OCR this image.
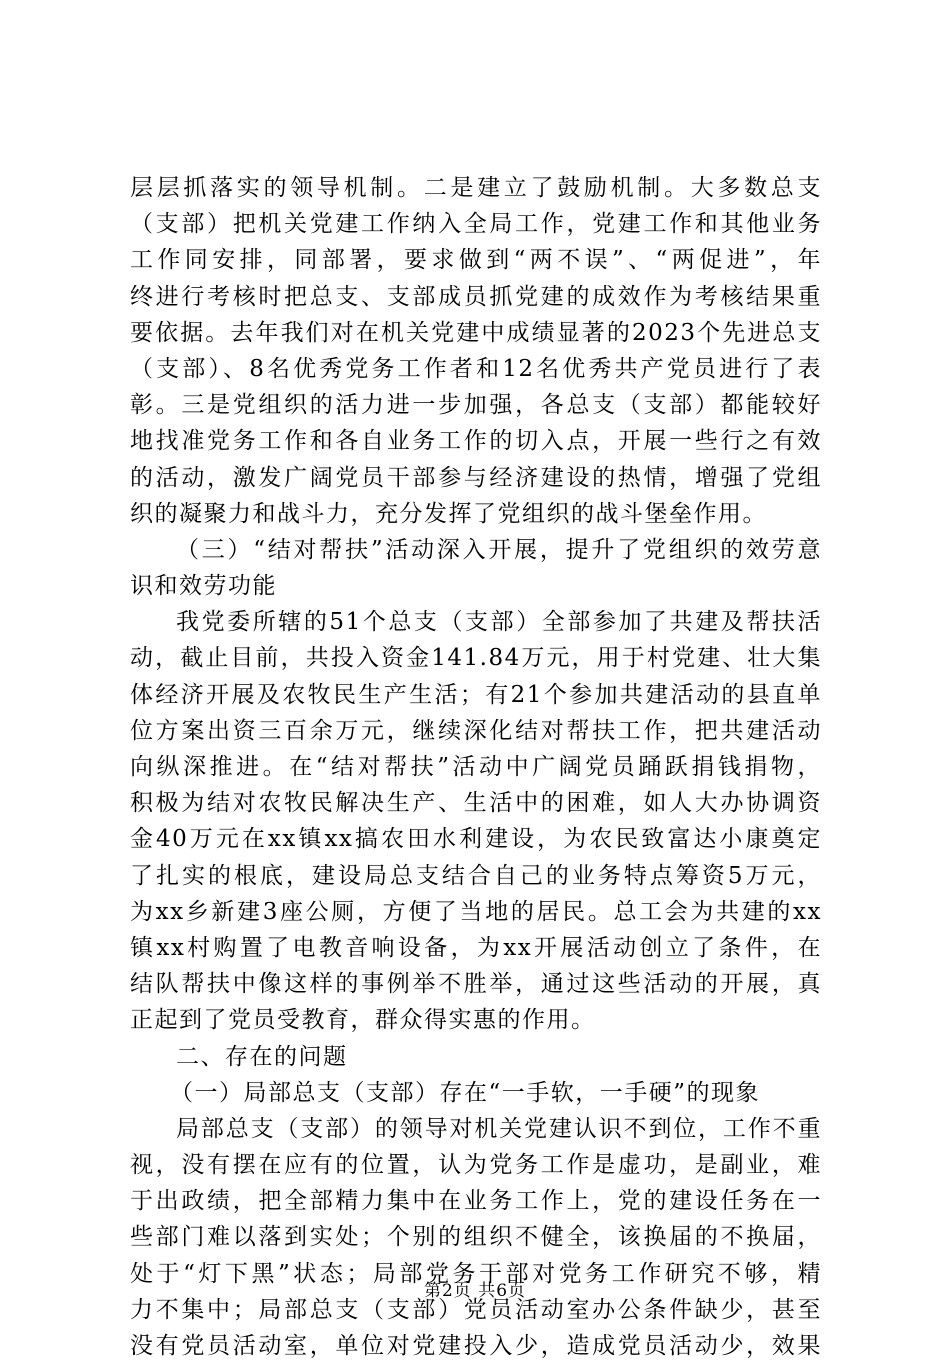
层层抓落实的领导机制。二是建立了鼓励机制。大多数总支
（支部）把机关党建工作纳入全局工作，党建工作和其他业务
工作同安排，同部署，要求做到“两不误”、“两促进”，年
终进行考核时把总支、支部成员抓党建的成效作为考核结果重
要依据。去年我们对在机关党建中成绩显著的2023个先进总支
（支部）、8名优秀党务工作者和12名优秀共产党员进行了表
彰。三是党组织的活力进一步加强，各总支（支部）都能较好
地找准党务工作和各自业务工作的切入点，开展一些行之有效
的活动，激发广阔党员干部参与经济建设的热情，增强了党组
织的凝聚力和战斗力，充分发挥了党组织的战斗堡垒作用。
（三）“结对帮扶”活动深入开展，提升了党组织的效劳意
识和效劳功能
我党委所辖的51个总支（支部）全部参加了共建及帮扶活
动，截止目前，共投入资金141.84万元，用于村党建、壮大集
体经济开展及农牧民生产生活；有21个参加共建活动的县直单
位方案出资三百余万元，继续深化结对帮扶工作，把共建活动
向纵深推进。在“结对帮扶”活动中广阔党员踊跃捐钱捐物，
积极为结对农牧民解决生产、生活中的困难，如人大办协调资
金40万元在xx镇xx搞农田水利建设，为农民致富达小康奠定
了扎实的根底，建设局总支结合自己的业务特点筹资5万元，
为xx乡新建3座公厕，方便了当地的居民。总工会为共建的xx
镇xx村购置了电教音响设备，为xx开展活动创立了条件，在
结队帮扶中像这样的事例举不胜举，通过这些活动的开展，真
正起到了党员受教育，群众得实惠的作用。
二、存在的问题
（一）局部总支（支部）存在“一手软，一手硬”的现象
局部总支（支部）的领导对机关党建认识不到位，工作不重
视，没有摆在应有的位置，认为党务工作是虚功，是副业，难
于出政绩，把全部精力集中在业务工作上，党的建设任务在一
些部门难以落到实处；个别的组织不健全，该换届的不换届，
处于“灯下黑”状态；局部党务干部对党务工作研究不够，精
力不集中；局部总支（支部）党员活动室办公条件缺少，甚至
没有党员活动室，单位对党建投入少，造成党员活动少，效果
第2页 共6页
